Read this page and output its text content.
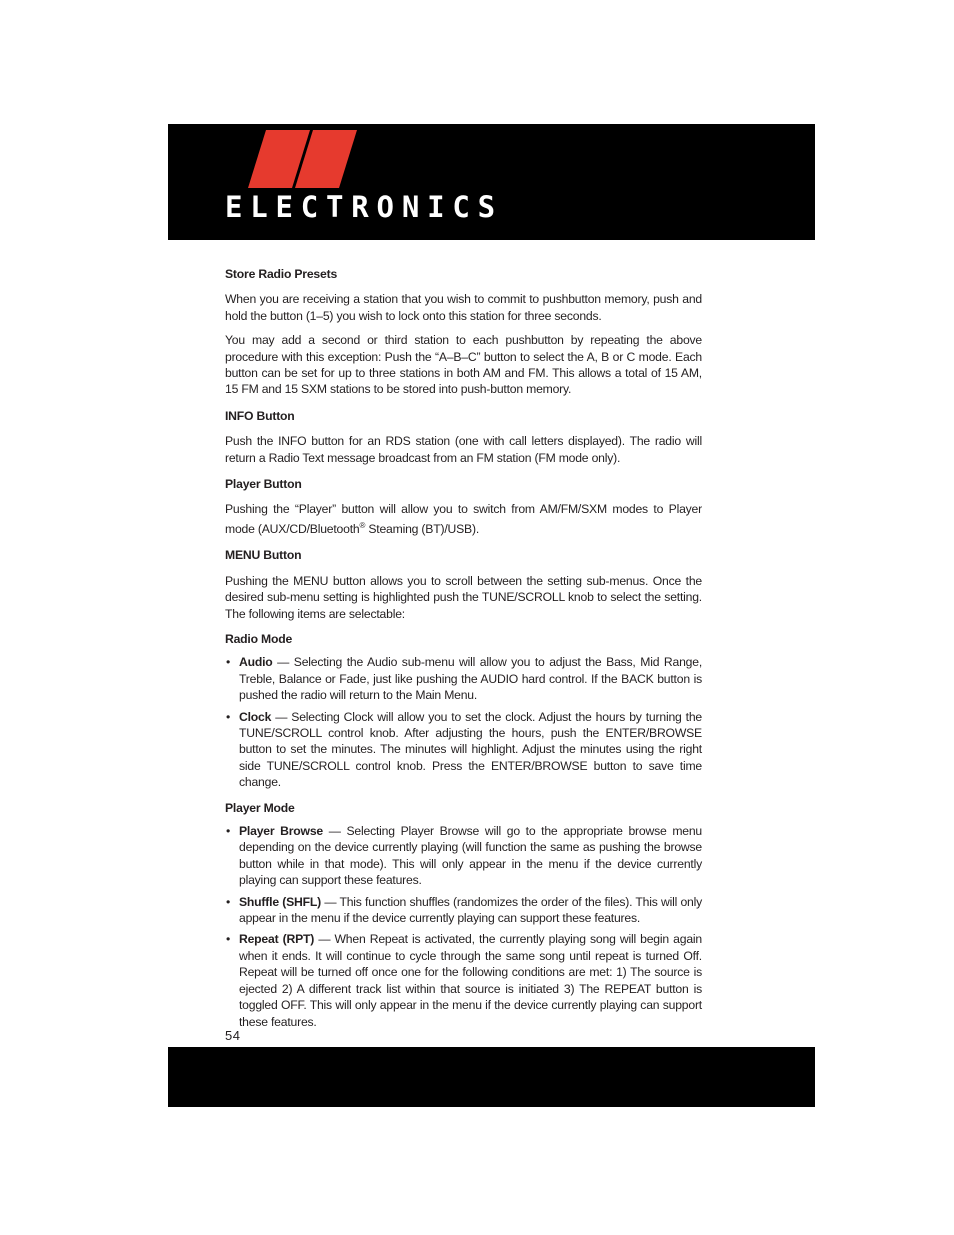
ELECTRONICS
Store Radio Presets

When you are receiving a station that you wish to commit to pushbutton memory, push and hold the button (1–5) you wish to lock onto this station for three seconds.

You may add a second or third station to each pushbutton by repeating the above procedure with this exception: Push the “A–B–C” button to select the A, B or C mode. Each button can be set for up to three stations in both AM and FM. This allows a total of 15 AM, 15 FM and 15 SXM stations to be stored into push-button memory.

INFO Button

Push the INFO button for an RDS station (one with call letters displayed). The radio will return a Radio Text message broadcast from an FM station (FM mode only).

Player Button

Pushing the “Player” button will allow you to switch from AM/FM/SXM modes to Player mode (AUX/CD/Bluetooth® Steaming (BT)/USB).

MENU Button

Pushing the MENU button allows you to scroll between the setting sub-menus. Once the desired sub-menu setting is highlighted push the TUNE/SCROLL knob to select the setting. The following items are selectable:

Radio Mode
• Audio — Selecting the Audio sub-menu will allow you to adjust the Bass, Mid Range, Treble, Balance or Fade, just like pushing the AUDIO hard control. If the BACK button is pushed the radio will return to the Main Menu.
• Clock — Selecting Clock will allow you to set the clock. Adjust the hours by turning the TUNE/SCROLL control knob. After adjusting the hours, push the ENTER/BROWSE button to set the minutes. The minutes will highlight. Adjust the minutes using the right side TUNE/SCROLL control knob. Press the ENTER/BROWSE button to save time change.
Player Mode
• Player Browse — Selecting Player Browse will go to the appropriate browse menu depending on the device currently playing (will function the same as pushing the browse button while in that mode). This will only appear in the menu if the device currently playing can support these features.
• Shuffle (SHFL) — This function shuffles (randomizes the order of the files). This will only appear in the menu if the device currently playing can support these features.
• Repeat (RPT) — When Repeat is activated, the currently playing song will begin again when it ends. It will continue to cycle through the same song until repeat is turned Off. Repeat will be turned off once one for the following conditions are met: 1) The source is ejected 2) A different track list within that source is initiated 3) The REPEAT button is toggled OFF. This will only appear in the menu if the device currently playing can support these features.
54
